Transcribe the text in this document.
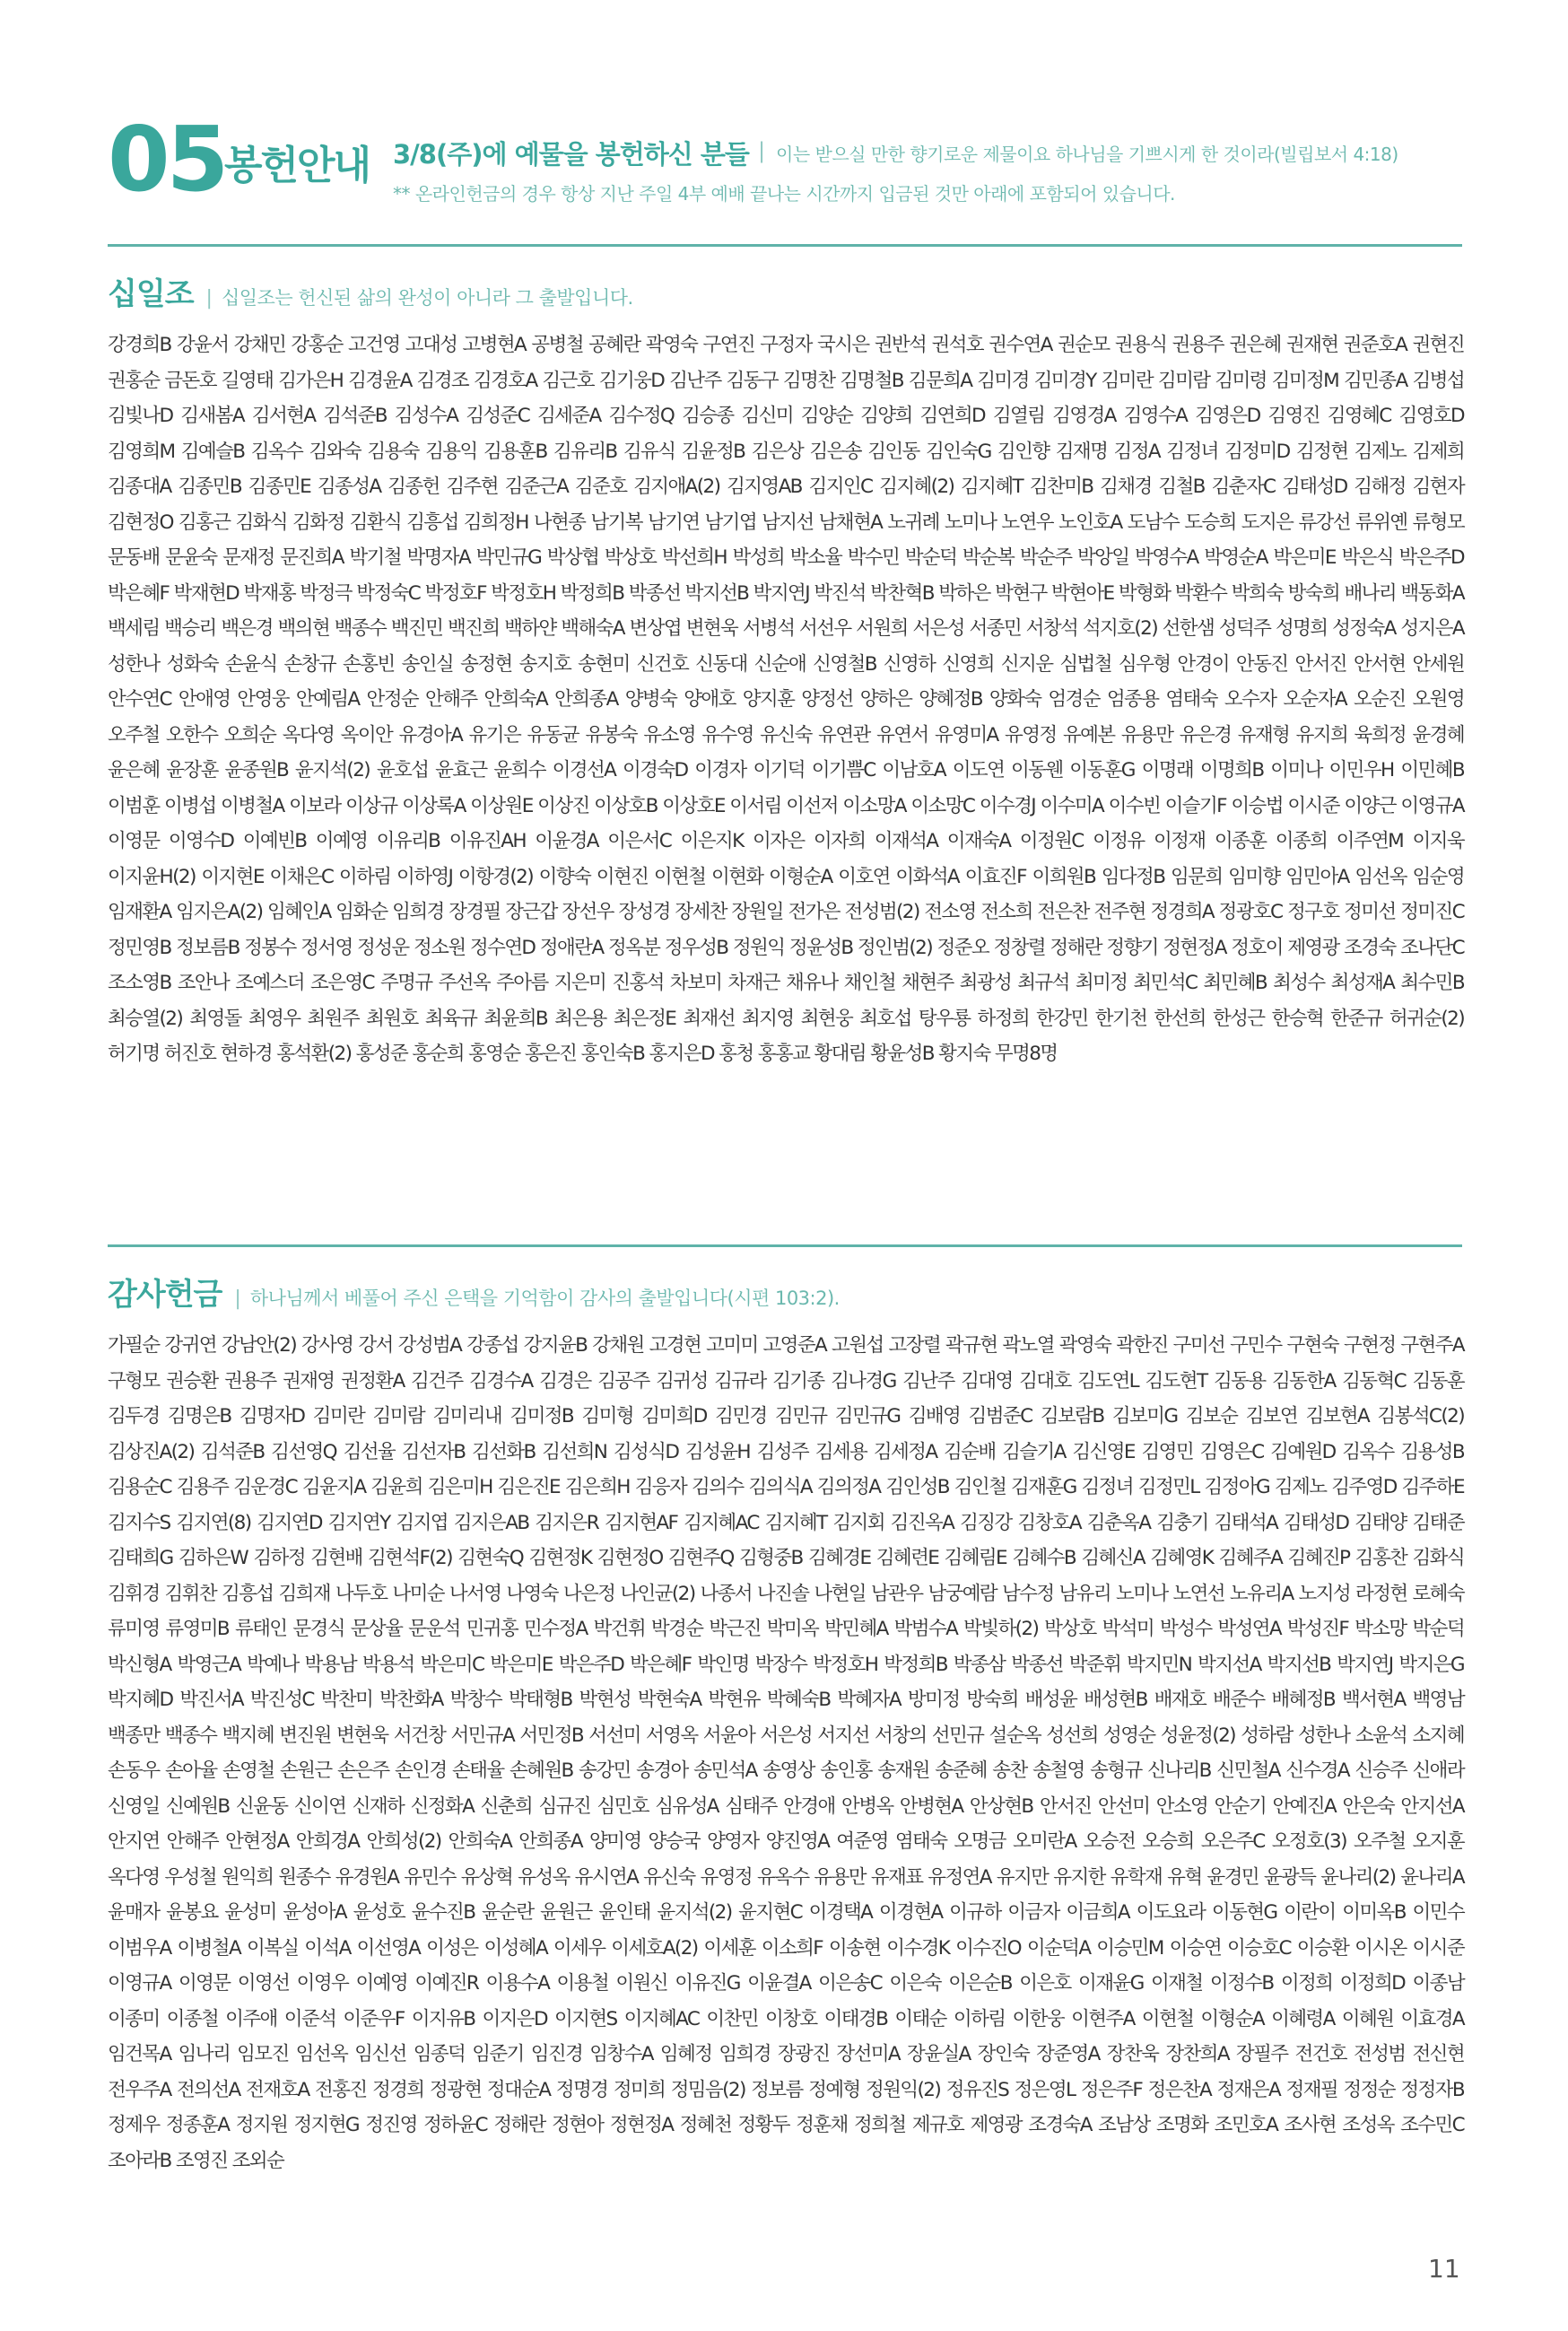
05
봉헌안내 3/8(주)에 예물을 봉헌하신 분들 | 이는 받으실 만한 향기로운 제물이요 하나님을 기쁘시게 한 것이라(빌립보서 4:18)
** 온라인헌금의 경우 항상 지난 주일 4부 예배 끝나는 시간까지 입금된 것만 아래에 포함되어 있습니다.
십일조 | 십일조는 헌신된 삶의 완성이 아니라 그 출발입니다.
강경희B 강윤서 강채민 강홍순 고건영 고대성 고병현A 공병철 공혜란 곽영숙 구연진 구정자 국시은 권반석 권석호 권수연A 권순모 권용식 권용주 권은혜 권재현 권준호A 권현진 권홍순 금돈호 길영태 김가은H 김경윤A 김경조 김경호A 김근호 김기웅D 김난주 김동구 김명찬 김명철B 김문희A 김미경 김미경Y 김미란 김미람 김미령 김미정M 김민종A 김병섭 김빛나D 김새봄A 김서현A 김석준B 김성수A 김성준C 김세준A 김수정Q 김승종 김신미 김양순 김양희 김연희D 김열림 김영경A 김영수A 김영은D 김영진 김영혜C 김영호D 김영희M 김예슬B 김옥수 김와숙 김용숙 김용익 김용훈B 김유리B 김유식 김윤정B 김은상 김은송 김인동 김인숙G 김인향 김재명 김정A 김정녀 김정미D 김정현 김제노 김제희 김종대A 김종민B 김종민E 김종성A 김종헌 김주현 김준근A 김준호 김지애A(2) 김지영AB 김지인C 김지혜(2) 김지혜T 김찬미B 김채경 김철B 김춘자C 김태성D 김해정 김현자 김현정O 김홍근 김화식 김화정 김환식 김흥섭 김희정H 나현종 남기복 남기연 남기엽 남지선 남채현A 노귀례 노미나 노연우 노인호A 도남수 도승희 도지은 류강선 류위옌 류형모 문동배 문윤숙 문재정 문진희A 박기철 박명자A 박민규G 박상협 박상호 박선희H 박성희 박소율 박수민 박순덕 박순복 박순주 박앙일 박영수A 박영순A 박은미E 박은식 박은주D 박은혜F 박재현D 박재홍 박정극 박정숙C 박정호F 박정호H 박정희B 박종선 박지선B 박지연J 박진석 박찬혁B 박하은 박현구 박현아E 박형화 박환수 박희숙 방숙희 배나리 백동화A 백세림 백승리 백은경 백의현 백종수 백진민 백진희 백하얀 백해숙A 변상엽 변현욱 서병석 서선우 서원희 서은성 서종민 서창석 석지호(2) 선한샘 성덕주 성명희 성정숙A 성지은A 성한나 성화숙 손윤식 손창규 손홍빈 송인실 송정현 송지호 송현미 신건호 신동대 신순애 신영철B 신영하 신영희 신지운 심법철 심우형 안경이 안동진 안서진 안서현 안세원 안수연C 안애영 안영웅 안예림A 안정순 안해주 안희숙A 안희종A 양병숙 양애호 양지훈 양정선 양하은 양혜정B 양화숙 엄경순 엄종용 염태숙 오수자 오순자A 오순진 오원영 오주철 오한수 오희순 옥다영 옥이안 유경아A 유기은 유동균 유봉숙 유소영 유수영 유신숙 유연관 유연서 유영미A 유영정 유예본 유용만 유은경 유재형 유지희 육희정 윤경혜 윤은혜 윤장훈 윤종원B 윤지석(2) 윤호섭 윤효근 윤희수 이경선A 이경숙D 이경자 이기덕 이기쁨C 이남호A 이도연 이동웬 이동훈G 이명래 이명희B 이미나 이민우H 이민혜B 이범훈 이병섭 이병철A 이보라 이상규 이상록A 이상원E 이상진 이상호B 이상호E 이서림 이선저 이소망A 이소망C 이수경J 이수미A 이수빈 이슬기F 이승법 이시준 이양근 이영규A 이영문 이영수D 이예빈B 이예영 이유리B 이유진AH 이윤경A 이은서C 이은지K 이자은 이자희 이재석A 이재숙A 이정원C 이정유 이정재 이종훈 이종희 이주연M 이지욱 이지윤H(2) 이지현E 이채은C 이하림 이하영J 이항경(2) 이향숙 이현진 이현철 이현화 이형순A 이호연 이화석A 이효진F 이희원B 임다정B 임문희 임미향 임민아A 임선옥 임순영 임재환A 임지은A(2) 임혜인A 임화순 임희경 장경필 장근갑 장선우 장성경 장세찬 장원일 전가은 전성범(2) 전소영 전소희 전은찬 전주현 정경희A 정광호C 정구호 정미선 정미진C 정민영B 정보름B 정봉수 정서영 정성운 정소원 정수연D 정애란A 정옥분 정우성B 정원익 정윤성B 정인범(2) 정준오 정창렬 정해란 정향기 정현정A 정호이 제영광 조경숙 조나단C 조소영B 조안나 조예스더 조은영C 주명규 주선옥 주아름 지은미 진홍석 차보미 차재근 채유나 채인철 채현주 최광성 최규석 최미정 최민석C 최민혜B 최성수 최성재A 최수민B 최승열(2) 최영돌 최영우 최원주 최원호 최육규 최윤희B 최은용 최은정E 최재선 최지영 최현웅 최호섭 탕우룡 하정희 한강민 한기천 한선희 한성근 한승혁 한준규 허귀순(2) 허기명 허진호 현하경 홍석환(2) 홍성준 홍순희 홍영순 홍은진 홍인숙B 홍지은D 홍청 홍홍교 황대림 황윤성B 황지숙 무명8명
감사헌금 | 하나님께서 베풀어 주신 은택을 기억함이 감사의 출발입니다(시편 103:2).
가필순 강귀연 강남안(2) 강사영 강서 강성범A 강종섭 강지윤B 강채원 고경현 고미미 고영준A 고원섭 고장렬 곽규현 곽노열 곽영숙 곽한진 구미선 구민수 구현숙 구현정 구현주A 구형모 권승환 권용주 권재영 권정환A 김건주 김경수A 김경은 김공주 김귀성 김규라 김기종 김나경G 김난주 김대영 김대호 김도연L 김도현T 김동용 김동한A 김동혁C 김동훈 김두경 김명은B 김명자D 김미란 김미람 김미리내 김미정B 김미형 김미희D 김민경 김민규 김민규G 김배영 김범준C 김보람B 김보미G 김보순 김보연 김보현A 김봉석C(2) 김상진A(2) 김석준B 김선영Q 김선율 김선자B 김선화B 김선희N 김성식D 김성윤H 김성주 김세용 김세정A 김순배 김슬기A 김신영E 김영민 김영은C 김예원D 김옥수 김용성B 김용순C 김용주 김운경C 김윤지A 김윤희 김은미H 김은진E 김은희H 김응자 김의수 김의식A 김의정A 김인성B 김인철 김재훈G 김정녀 김정민L 김정아G 김제노 김주영D 김주하E 김지수S 김지연(8) 김지연D 김지연Y 김지엽 김지은AB 김지은R 김지현AF 김지혜AC 김지혜T 김지회 김진옥A 김징강 김창호A 김춘옥A 김충기 김태석A 김태성D 김태양 김태준 김태희G 김하은W 김하정 김현배 김현석F(2) 김현숙Q 김현정K 김현정O 김현주Q 김형중B 김혜경E 김혜련E 김혜림E 김혜수B 김혜신A 김혜영K 김혜주A 김혜진P 김홍찬 김화식 김휘경 김휘찬 김흥섭 김희재 나두호 나미순 나서영 나영숙 나은정 나인균(2) 나종서 나진솔 나현일 남관우 남궁예람 남수정 남유리 노미나 노연선 노유리A 노지성 라정현 로혜숙 류미영 류영미B 류태인 문경식 문상율 문운석 민귀홍 민수정A 박건휘 박경순 박근진 박미옥 박민혜A 박범수A 박빛하(2) 박상호 박석미 박성수 박성연A 박성진F 박소망 박순덕 박신형A 박영근A 박예나 박용남 박용석 박은미C 박은미E 박은주D 박은혜F 박인명 박장수 박정호H 박정희B 박종삼 박종선 박준휘 박지민N 박지선A 박지선B 박지연J 박지은G 박지혜D 박진서A 박진성C 박찬미 박찬화A 박창수 박태형B 박현성 박현숙A 박현유 박혜숙B 박혜자A 방미정 방숙희 배성윤 배성현B 배재호 배준수 배혜정B 백서현A 백영남 백종만 백종수 백지혜 변진원 변현욱 서건창 서민규A 서민정B 서선미 서영옥 서윤아 서은성 서지선 서창의 선민규 설순옥 성선희 성영순 성윤정(2) 성하람 성한나 소윤석 소지혜 손동우 손아율 손영철 손원근 손은주 손인경 손태율 손혜원B 송강민 송경아 송민석A 송영상 송인홍 송재원 송준혜 송찬 송철영 송형규 신나리B 신민철A 신수경A 신승주 신애라 신영일 신예원B 신윤동 신이연 신재하 신정화A 신춘희 심규진 심민호 심유성A 심태주 안경애 안병옥 안병현A 안상현B 안서진 안선미 안소영 안순기 안예진A 안은숙 안지선A 안지연 안해주 안현정A 안희경A 안희성(2) 안희숙A 안희종A 양미영 양승국 양영자 양진영A 여준영 염태숙 오명금 오미란A 오승전 오승희 오은주C 오정호(3) 오주철 오지훈 옥다영 우성철 원익희 원종수 유경원A 유민수 유상혁 유성옥 유시연A 유신숙 유영정 유옥수 유용만 유재표 유정연A 유지만 유지한 유학재 유혁 윤경민 윤광득 윤나리(2) 윤나리A 윤매자 윤봉요 윤성미 윤성아A 윤성호 윤수진B 윤순란 윤원근 윤인태 윤지석(2) 윤지현C 이경택A 이경현A 이규하 이금자 이금희A 이도요라 이동현G 이란이 이미옥B 이민수 이범우A 이병철A 이복실 이석A 이선영A 이성은 이성혜A 이세우 이세호A(2) 이세훈 이소희F 이송현 이수경K 이수진O 이순덕A 이승민M 이승연 이승호C 이승환 이시온 이시준 이영규A 이영문 이영선 이영우 이예영 이예진R 이용수A 이용철 이원신 이유진G 이윤결A 이은송C 이은숙 이은순B 이은호 이재윤G 이재철 이정수B 이정희 이정희D 이종남 이종미 이종철 이주애 이준석 이준우F 이지유B 이지은D 이지현S 이지혜AC 이찬민 이창호 이태경B 이태순 이하림 이한웅 이현주A 이현철 이형순A 이혜령A 이혜원 이효경A 임건목A 임나리 임모진 임선옥 임신선 임종덕 임준기 임진경 임창수A 임혜정 임희경 장광진 장선미A 장윤실A 장인숙 장준영A 장찬욱 장찬희A 장필주 전건호 전성범 전신현 전우주A 전의선A 전재호A 전홍진 정경희 정광현 정대순A 정명경 정미희 정밈음(2) 정보름 정예형 정원익(2) 정유진S 정은영L 정은주F 정은찬A 정재은A 정재필 정정순 정정자B 정제우 정종훈A 정지원 정지현G 정진영 정하윤C 정해란 정현아 정현정A 정혜천 정황두 정훈채 정희철 제규호 제영광 조경숙A 조남상 조명화 조민호A 조사현 조성옥 조수민C 조아라B 조영진 조외순
11
